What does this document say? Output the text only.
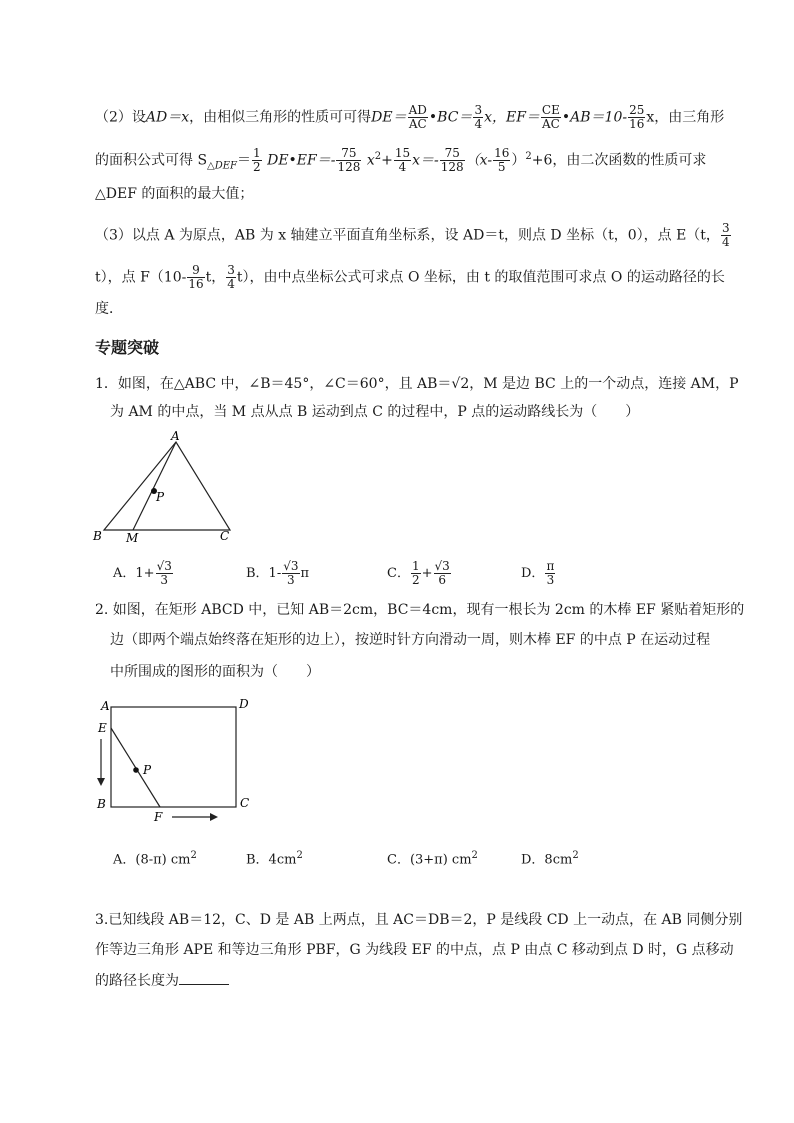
（2）设AD＝x，由相似三角形的性质可可得$DE= \frac{AD}{AC}$ •BC＝ $\frac{3}{4}$ x，$EF= \frac{CE}{AC}$ •AB＝10- $\frac{25}{16}$ x，由三角形
的面积公式可得 $S_{\triangle DEF}= \frac{1}{2}$ DE•EF＝- $\frac{75}{128} x^2+ \frac{15}{4} x=- \frac{75}{128} (x- \frac{16}{5} )^2+6$，由二次函数的性质可求
△DEF 的面积的最大值；
（3）以点 A 为原点，AB 为 x 轴建立平面直角坐标系，设 AD＝t，则点 D 坐标（t，0），点 E（t， $\frac{3}{4}$
t），点 $F(10- \frac{9}{16}$ t， $\frac{3}{4} t$），由中点坐标公式可求点 O 坐标，由 t 的取值范围可求点 O 的运动路径的长
度．
专题突破
1．如图，在△ABC 中，∠B＝45°，∠C＝60°，且 AB＝√2，M 是边 BC 上的一个动点，连接 AM，P
为 AM 的中点，当 M 点从点 B 运动到点 C 的过程中，P 点的运动路线长为（　　）
A
P
B M	C
A．$1+ \frac{√3}{3}$	B．$1- \frac{√3}{3}$ π	C． $\frac{1}{2} + \frac{√3}{6}$	D． $\frac{\pi}{3}$
2. 如图，在矩形 ABCD 中，已知 AB＝2cm，BC＝4cm，现有一根长为 2cm 的木棒 EF 紧贴着矩形的
边（即两个端点始终落在矩形的边上），按逆时针方向滑动一周，则木棒 EF 的中点 P 在运动过程
中所围成的图形的面积为（　　）
A	D
E
P
B	C
F
A．(8-π) $cm^2$	B．$4cm^2$	C．(3+π) $cm^2$	D．$8cm^2$
3.已知线段 AB＝12，C、D 是 AB 上两点，且 AC＝DB＝2，P 是线段 CD 上一动点，在 AB 同侧分别
作等边三角形 APE 和等边三角形 PBF，G 为线段 EF 的中点，点 P 由点 C 移动到点 D 时，G 点移动
的路径长度为
